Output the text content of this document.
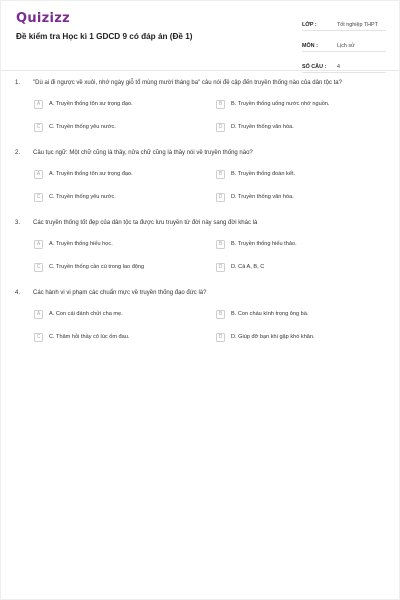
Quizizz
Đề kiểm tra Học kì 1 GDCD 9 có đáp án (Đề 1)
LỚP :	Tốt nghiệp THPT
MÔN :	Lịch sử
SỐ CÂU :	4
1. "Dù ai đi ngược về xuôi, nhớ ngày giỗ tổ mùng mười tháng ba" câu nói đề cập đến truyền thống nào của dân tộc ta?
A	A. Truyền thống tôn sư trọng đạo.	B	B. Truyền thống uống nước nhớ nguồn.
C	C. Truyền thống yêu nước.	D	D. Truyền thống văn hóa.
2. Câu tục ngữ: Một chữ cũng là thầy, nửa chữ cũng là thầy nói về truyền thống nào?
A	A. Truyền thống tôn sư trọng đạo.	B	B. Truyền thống đoàn kết.
C	C. Truyền thống yêu nước.	D	D. Truyền thống văn hóa.
3. Các truyền thống tốt đẹp của dân tộc ta được lưu truyền từ đời này sang đời khác là
A	A. Truyền thống hiếu học.	B	B. Truyền thống hiếu thảo.
C	C. Truyền thống cần cù trong lao động	D	D. Cả A, B, C
4. Các hành vi vi phạm các chuẩn mực về truyền thống đạo đức là?
A	A. Con cái đánh chửi cha mẹ.	B	B. Con cháu kính trọng ông bà.
C	C. Thăm hỏi thầy cô lúc ốm đau.	D	D. Giúp đỡ bạn khi gặp khó khăn.
